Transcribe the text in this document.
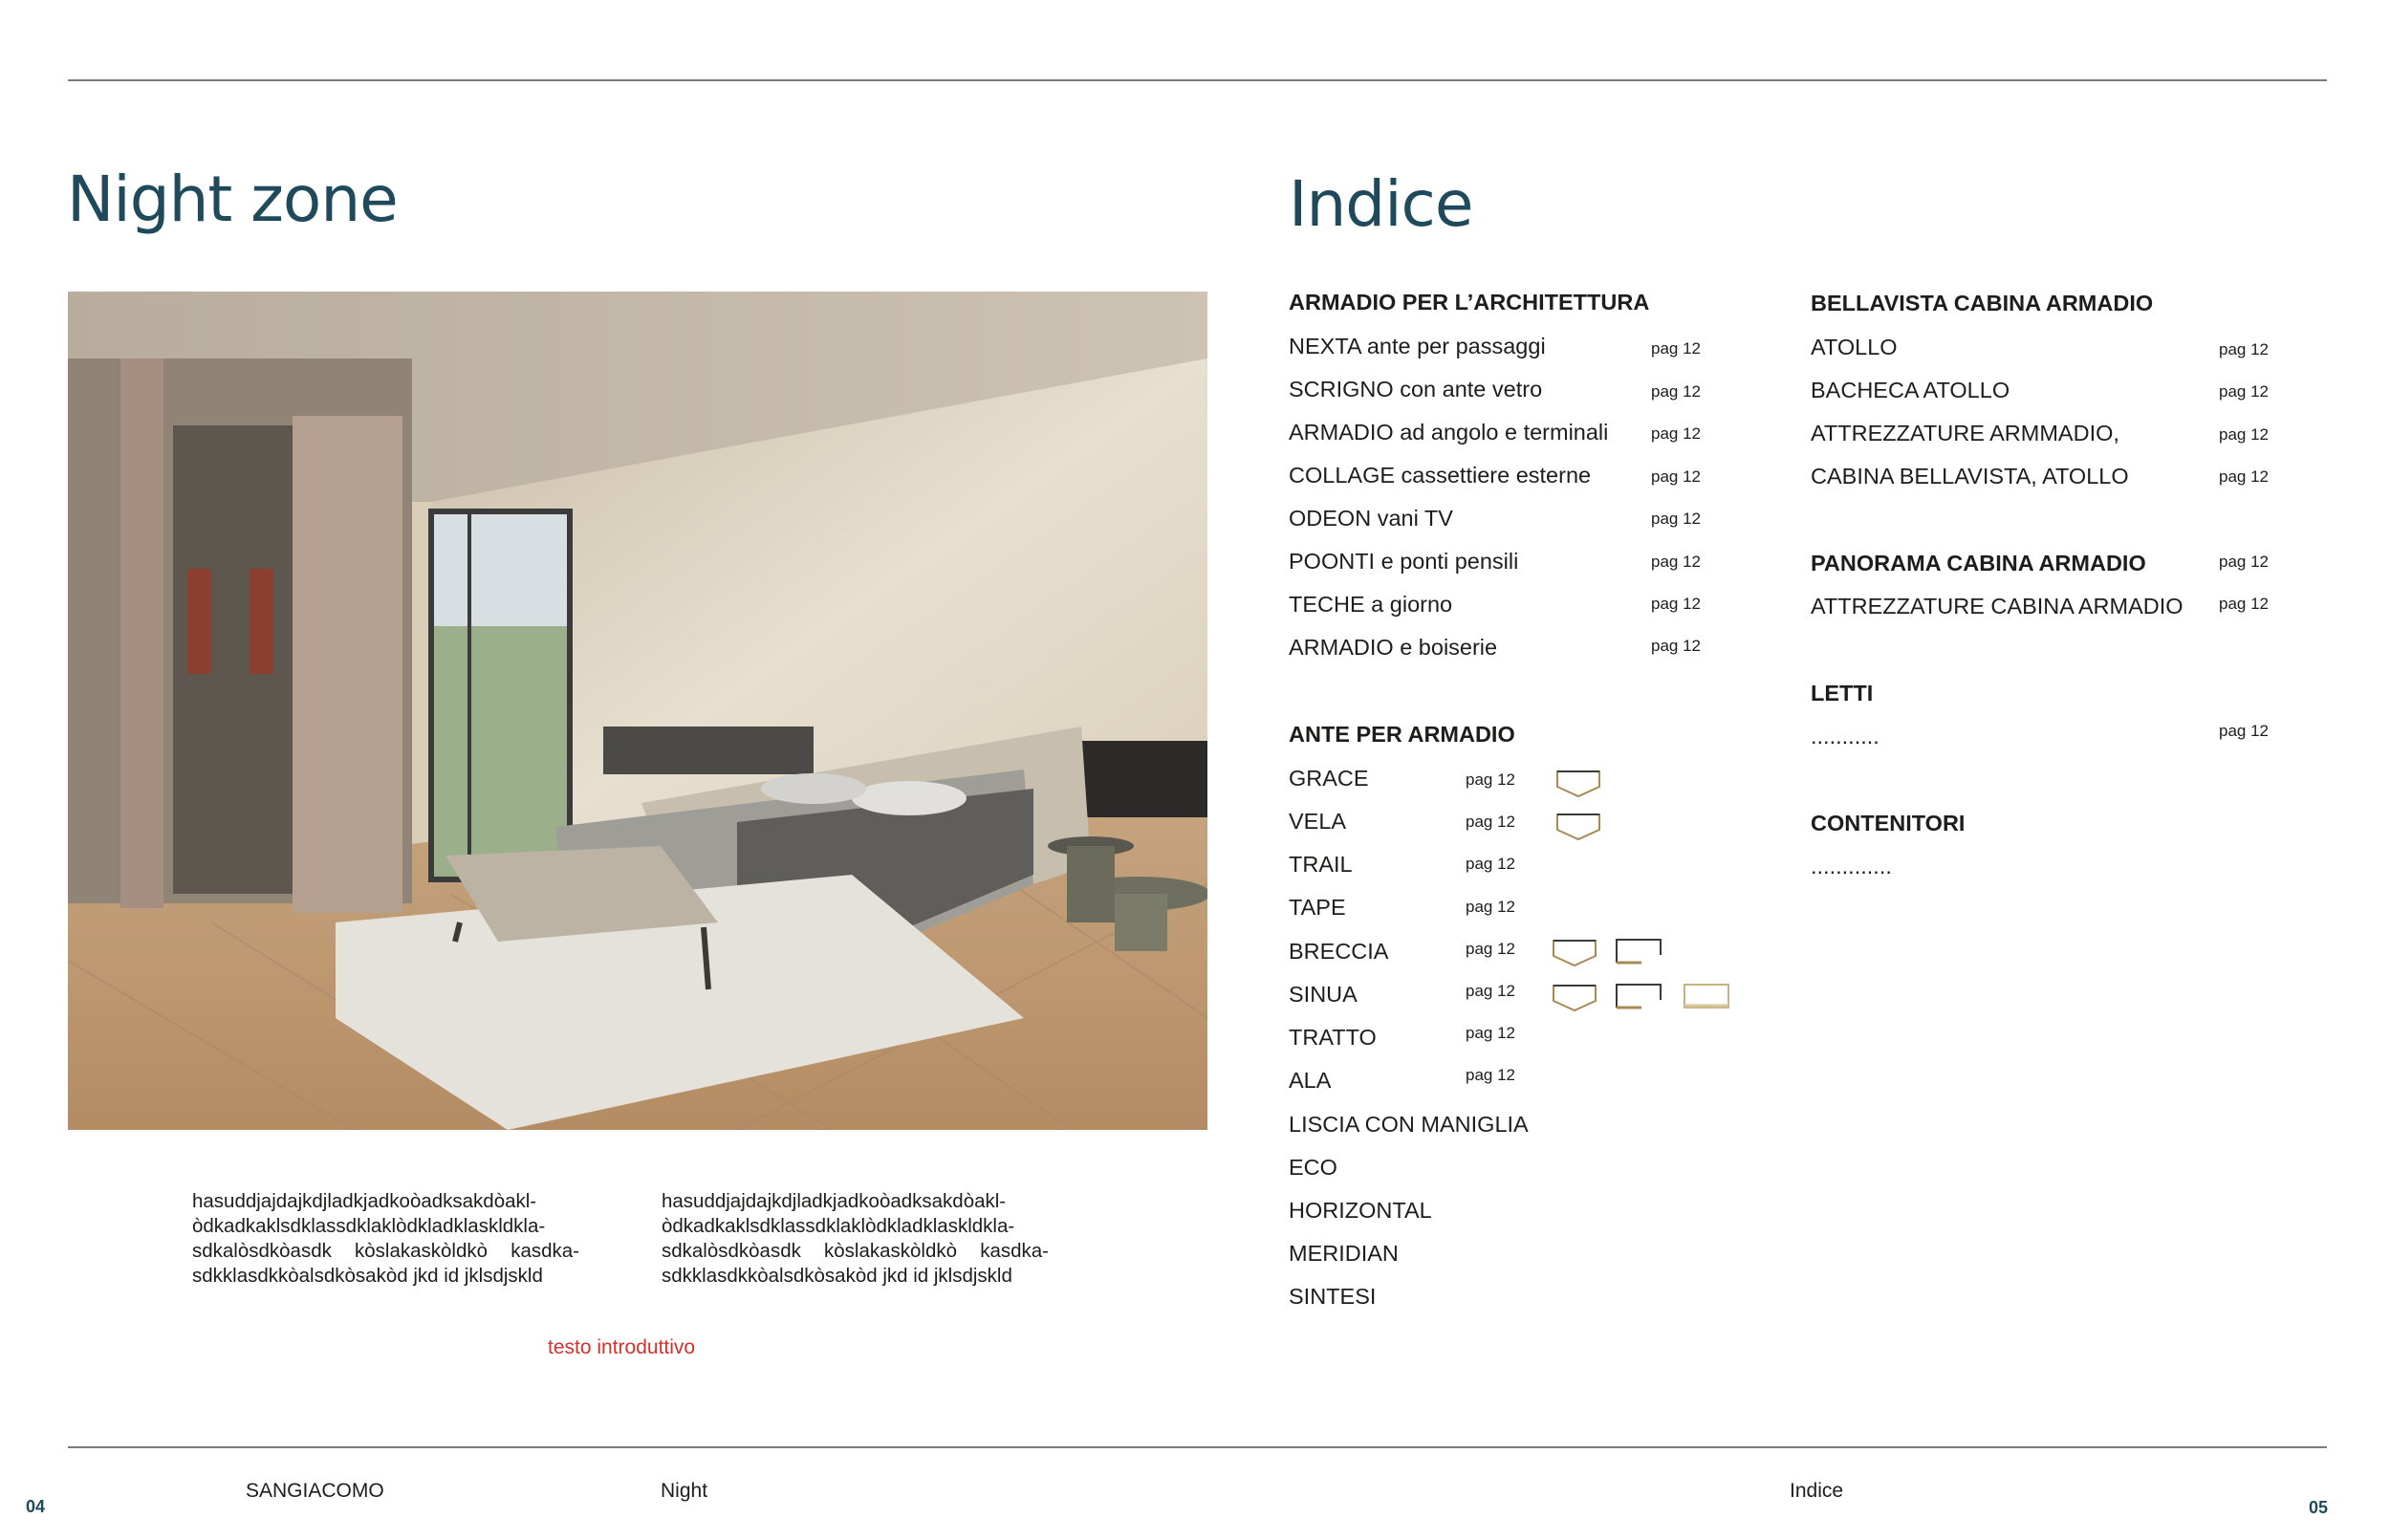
Night zone
hasuddjajdajkdjladkjadkoòadksakdòakl-òdkadkaklsdklassdklaklòdkladklaskldkla-sdkalòsdkòasdk kòslakaskòldkò kasdka-sdkklasdkkòalsdkòsakòd jkd id jklsdjskld
hasuddjajdajkdjladkjadkoòadksakdòakl-òdkadkaklsdklassdklaklòdkladklaskldkla-sdkalòsdkòasdk kòslakaskòldkò kasdka-sdkklasdkkòalsdkòsakòd jkd id jklsdjskld
testo introduttivo
Indice
ARMADIO PER L’ARCHITETTURA
NEXTA ante per passaggi	pag 12
SCRIGNO con ante vetro	pag 12
ARMADIO ad angolo e terminali	pag 12
COLLAGE cassettiere esterne	pag 12
ODEON vani TV	pag 12
POONTI e ponti pensili	pag 12
TECHE a giorno	pag 12
ARMADIO e boiserie	pag 12
ANTE PER ARMADIO
GRACE	pag 12
VELA	pag 12
TRAIL	pag 12
TAPE	pag 12
BRECCIA	pag 12
SINUA	pag 12
TRATTO	pag 12
ALA	pag 12
LISCIA CON MANIGLIA
ECO
HORIZONTAL
MERIDIAN
SINTESI
BELLAVISTA CABINA ARMADIO
ATOLLO	pag 12
BACHECA ATOLLO	pag 12
ATTREZZATURE ARMMADIO,	pag 12
CABINA BELLAVISTA, ATOLLO	pag 12
PANORAMA CABINA ARMADIO	pag 12
ATTREZZATURE CABINA ARMADIO pag 12
LETTI
...........	pag 12
CONTENITORI
.............
04
SANGIACOMO	Night	Indice
05
